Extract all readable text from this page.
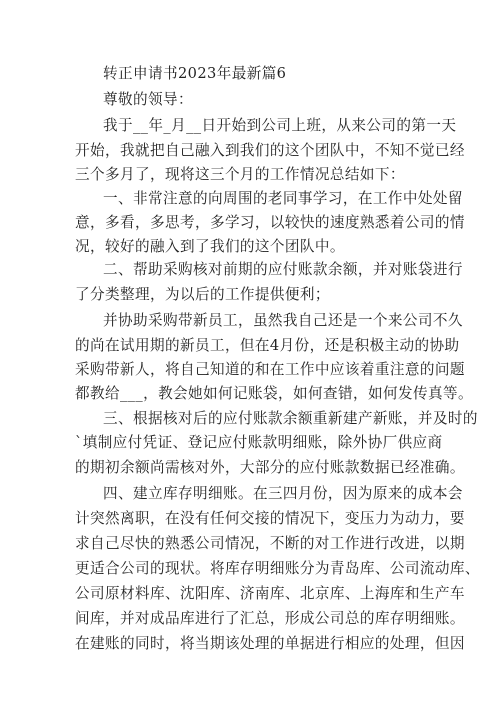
转正申请书2023年最新篇6
尊敬的领导：
我于__年_月__日开始到公司上班，从来公司的第一天
开始，我就把自己融入到我们的这个团队中，不知不觉已经
三个多月了，现将这三个月的工作情况总结如下：
一、非常注意的向周围的老同事学习，在工作中处处留
意，多看，多思考，多学习，以较快的速度熟悉着公司的情
况，较好的融入到了我们的这个团队中。
二、帮助采购核对前期的应付账款余额，并对账袋进行
了分类整理，为以后的工作提供便利；
并协助采购带新员工，虽然我自己还是一个来公司不久
的尚在试用期的新员工，但在4月份，还是积极主动的协助
采购带新人，将自己知道的和在工作中应该着重注意的问题
都教给___，教会她如何记账袋，如何查错，如何发传真等。
三、根据核对后的应付账款余额重新建产新账，并及时的
`填制应付凭证、登记应付账款明细账，除外协厂供应商
的期初余额尚需核对外，大部分的应付账款数据已经准确。
四、建立库存明细账。在三四月份，因为原来的成本会
计突然离职，在没有任何交接的情况下，变压力为动力，要
求自己尽快的熟悉公司情况，不断的对工作进行改进，以期
更适合公司的现状。将库存明细账分为青岛库、公司流动库、
公司原材料库、沈阳库、济南库、北京库、上海库和生产车
间库，并对成品库进行了汇总，形成公司总的库存明细账。
在建账的同时，将当期该处理的单据进行相应的处理，但因
